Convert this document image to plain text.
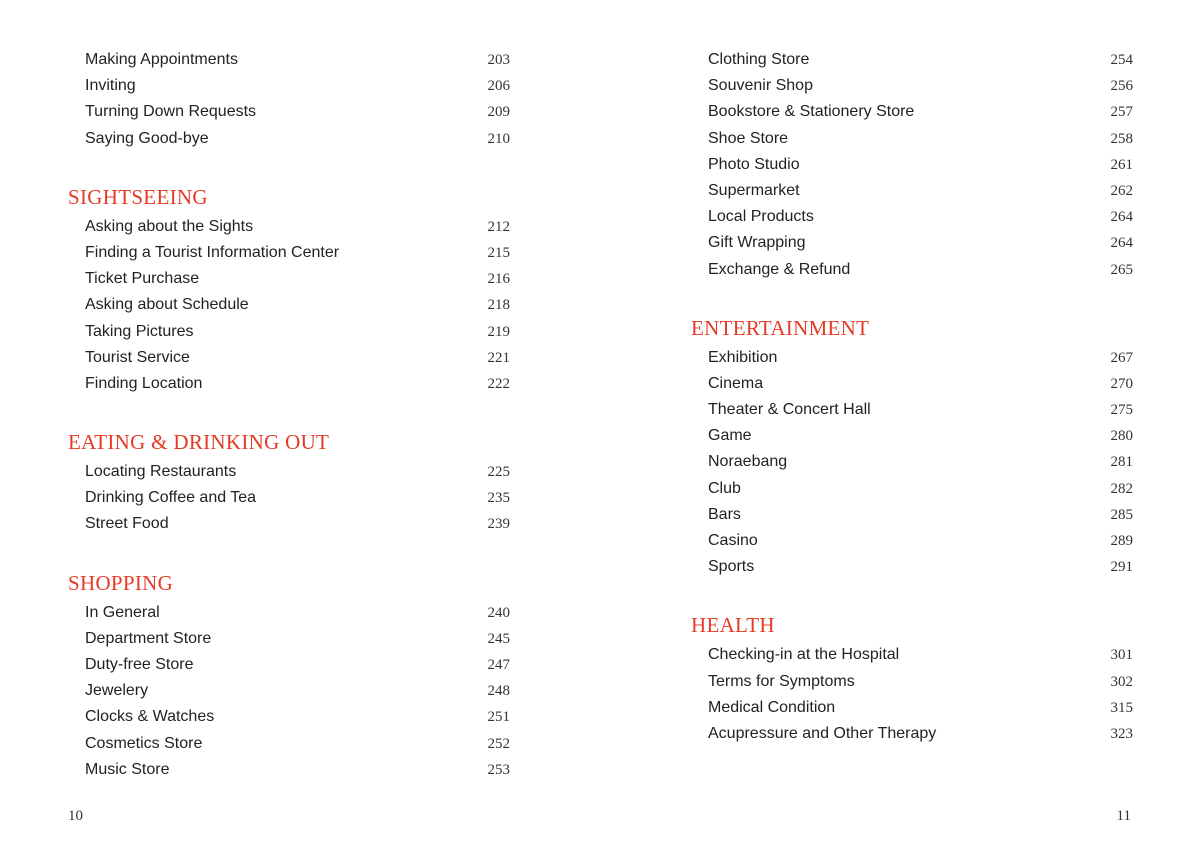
Making Appointments	203
Inviting	206
Turning Down Requests	209
Saying Good-bye	210
SIGHTSEEING
Asking about the Sights	212
Finding a Tourist Information Center	215
Ticket Purchase	216
Asking about Schedule	218
Taking Pictures	219
Tourist Service	221
Finding Location	222
EATING & DRINKING OUT
Locating Restaurants	225
Drinking Coffee and Tea	235
Street Food	239
SHOPPING
In General	240
Department Store	245
Duty-free Store	247
Jewelery	248
Clocks & Watches	251
Cosmetics Store	252
Music Store	253
10
Clothing Store	254
Souvenir Shop	256
Bookstore & Stationery Store	257
Shoe Store	258
Photo Studio	261
Supermarket	262
Local Products	264
Gift Wrapping	264
Exchange & Refund	265
ENTERTAINMENT
Exhibition	267
Cinema	270
Theater & Concert Hall	275
Game	280
Noraebang	281
Club	282
Bars	285
Casino	289
Sports	291
HEALTH
Checking-in at the Hospital	301
Terms for Symptoms	302
Medical Condition	315
Acupressure and Other Therapy	323
11
